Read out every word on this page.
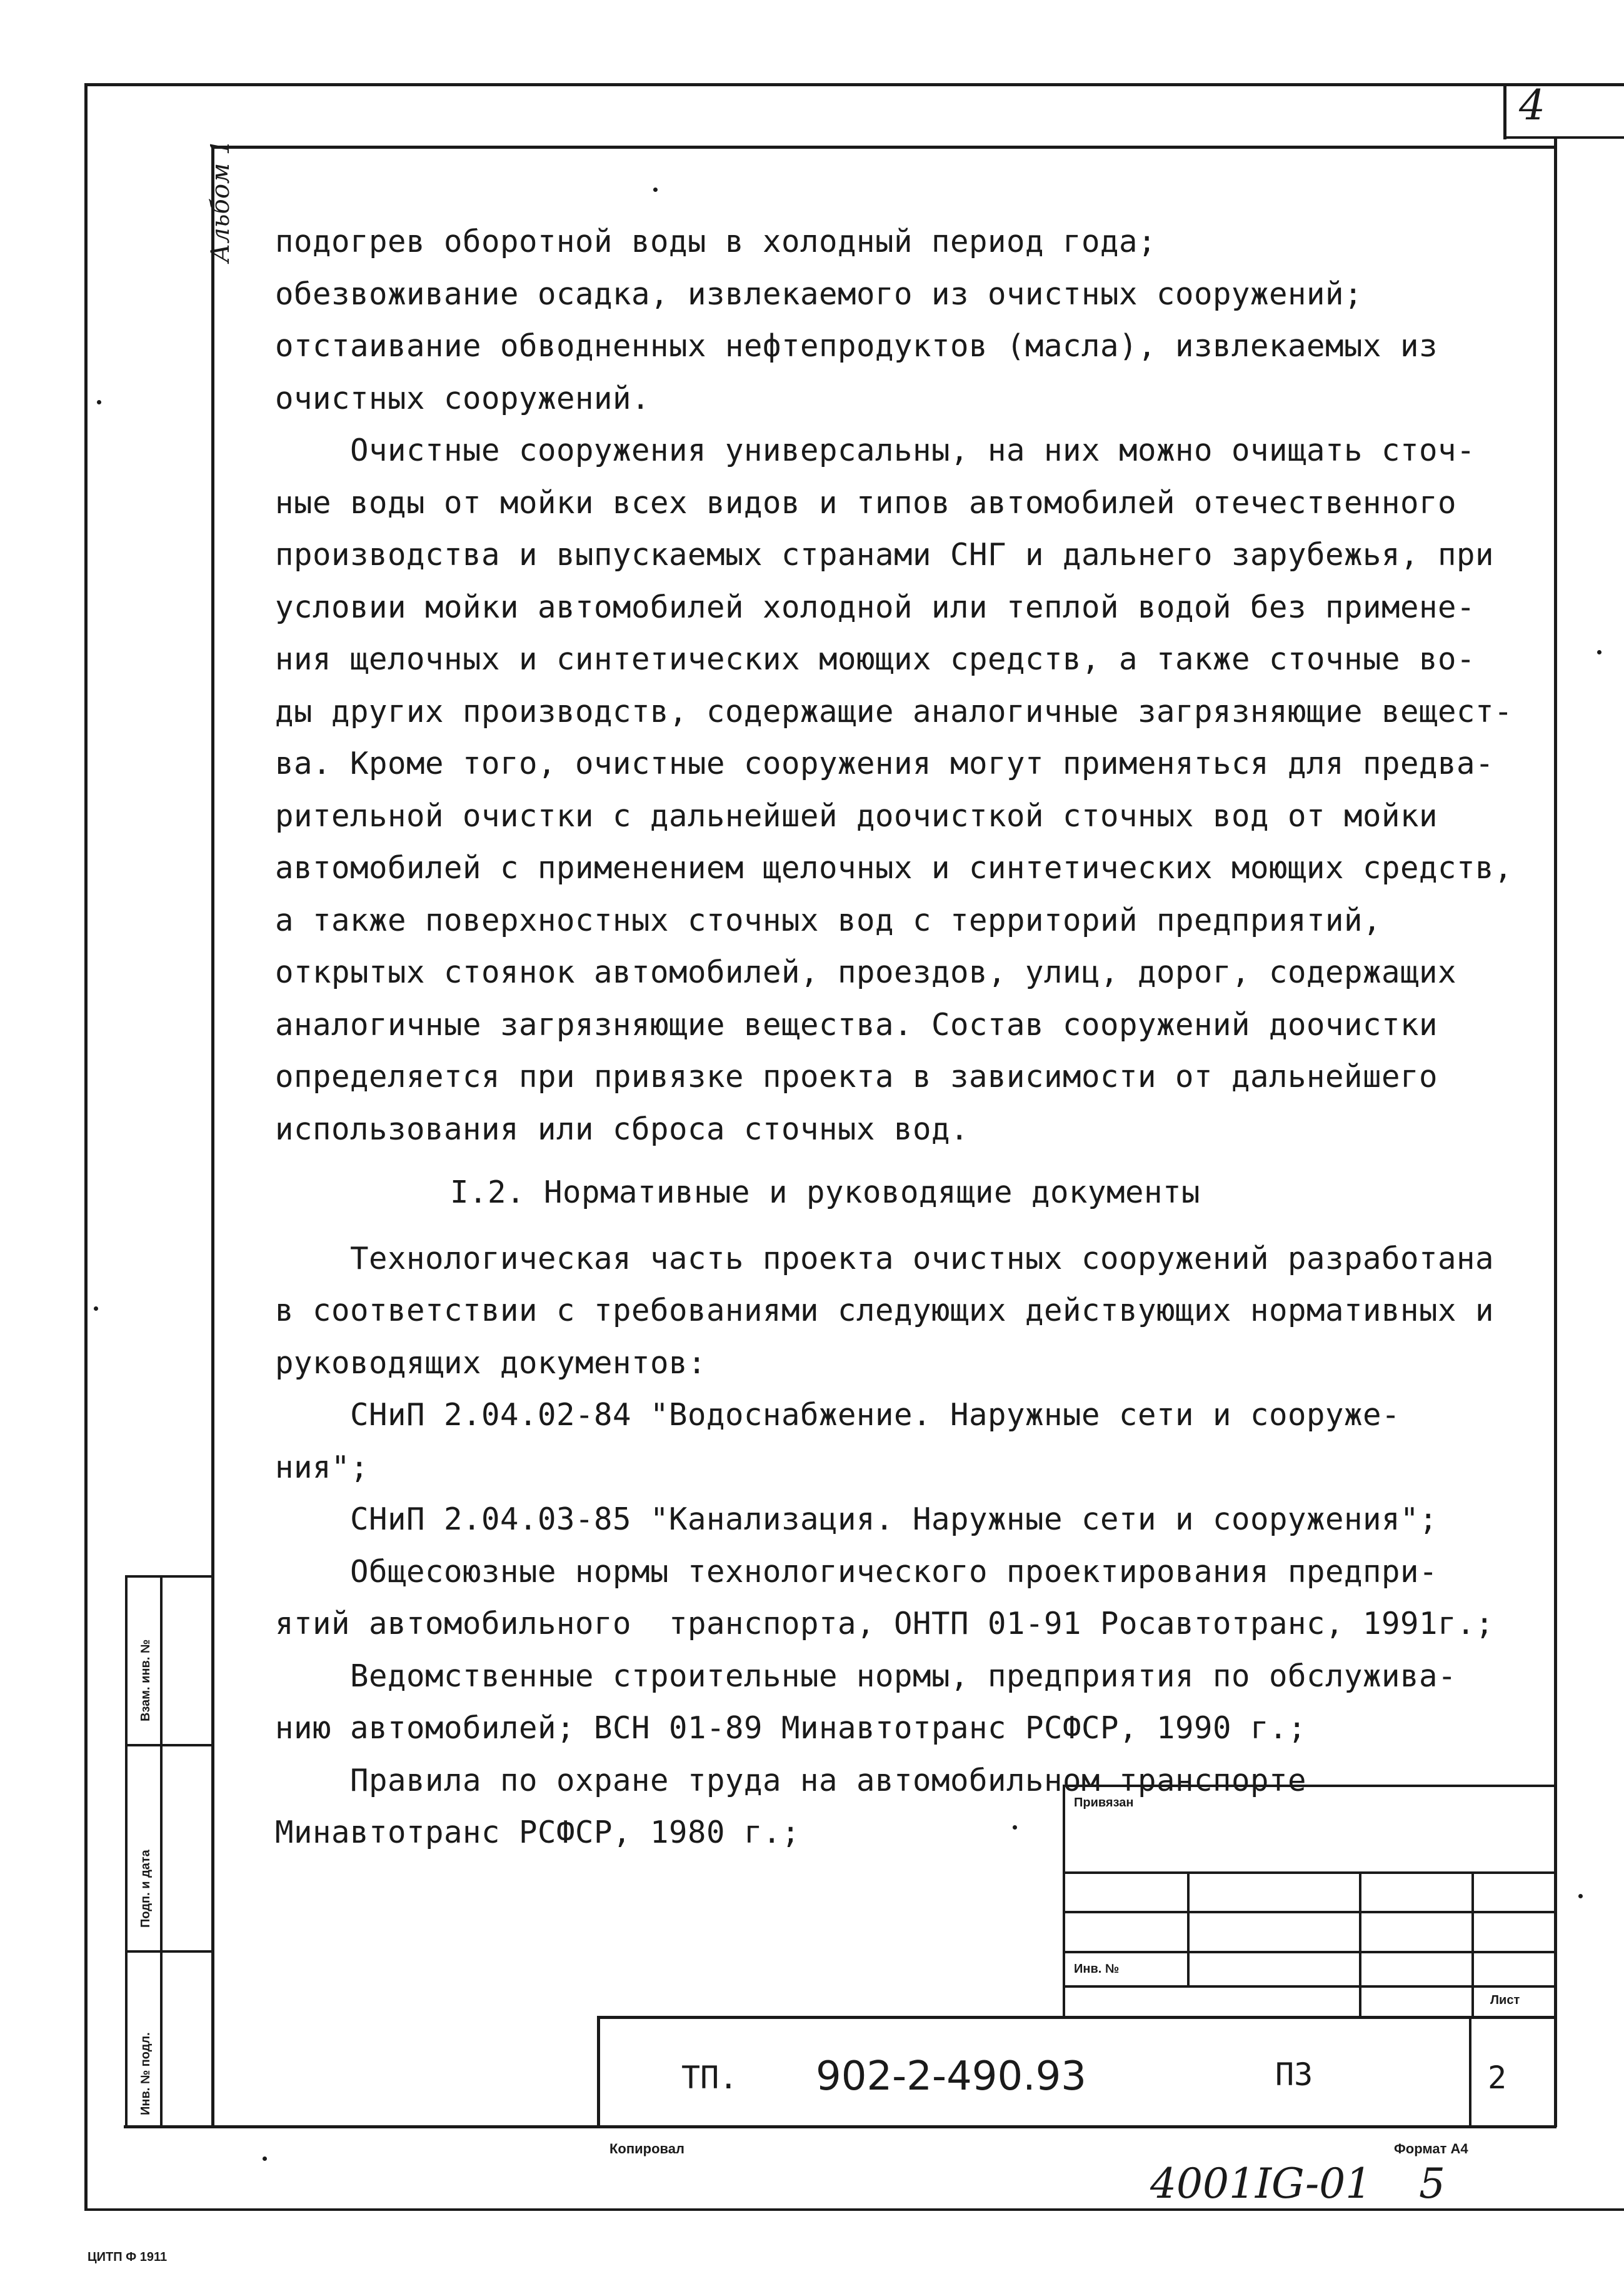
4
Альбом 1
Взам. инв. №
Подп. и дата
Инв. № подл.
подогрев оборотной воды в холодный период года;
обезвоживание осадка, извлекаемого из очистных сооружений;
отстаивание обводненных нефтепродуктов (масла), извлекаемых из
очистных сооружений.
Очистные сооружения универсальны, на них можно очищать сточ-
ные воды от мойки всех видов и типов автомобилей отечественного
производства и выпускаемых странами СНГ и дальнего зарубежья, при
условии мойки автомобилей холодной или теплой водой без примене-
ния щелочных и синтетических моющих средств, а также сточные во-
ды других производств, содержащие аналогичные загрязняющие вещест-
ва. Кроме того, очистные сооружения могут применяться для предва-
рительной очистки с дальнейшей доочисткой сточных вод от мойки
автомобилей с применением щелочных и синтетических моющих средств,
а также поверхностных сточных вод с территорий предприятий,
открытых стоянок автомобилей, проездов, улиц, дорог, содержащих
аналогичные загрязняющие вещества. Состав сооружений доочистки
определяется при привязке проекта в зависимости от дальнейшего
использования или сброса сточных вод.
I.2. Нормативные и руководящие документы
Технологическая часть проекта очистных сооружений разработана
в соответствии с требованиями следующих действующих нормативных и
руководящих документов:
СНиП 2.04.02-84 "Водоснабжение. Наружные сети и сооруже-
ния";
СНиП 2.04.03-85 "Канализация. Наружные сети и сооружения";
Общесоюзные нормы технологического проектирования предпри-
ятий автомобильного  транспорта, ОНТП 01-91 Росавтотранс, 1991г.;
Ведомственные строительные нормы, предприятия по обслужива-
нию автомобилей; ВСН 01-89 Минавтотранс РСФСР, 1990 г.;
Правила по охране труда на автомобильном транспорте
Минавтотранс РСФСР, 1980 г.;
Привязан
Инв. №
Лист
ТП. 902-2-490.93	ПЗ	2
Копировал	Формат А4
4001IG-01 5
ЦИТП Ф 1911
